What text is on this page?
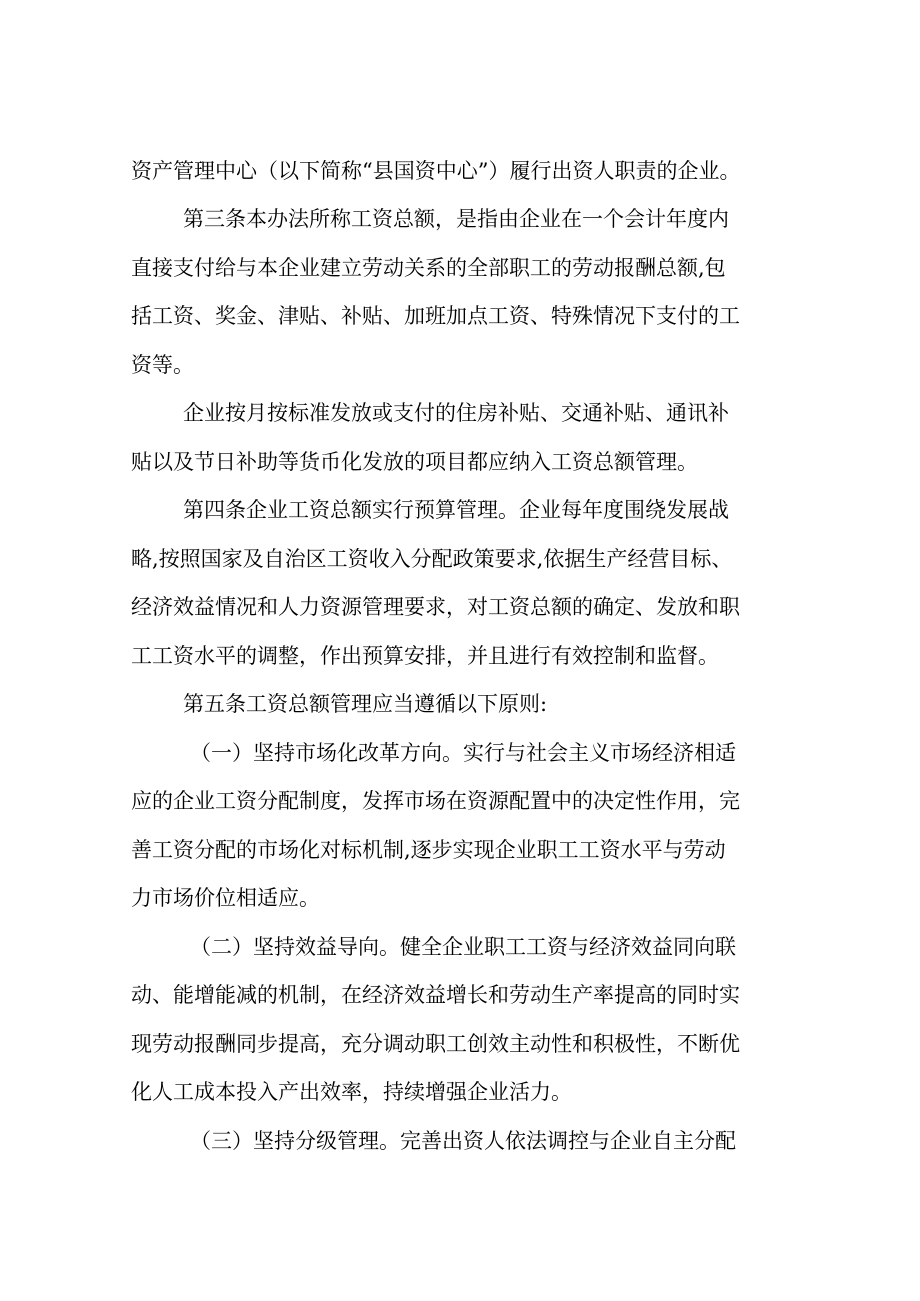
资产管理中心（以下简称“县国资中心”）履行出资人职责的企业。
第三条本办法所称工资总额，是指由企业在一个会计年度内
直接支付给与本企业建立劳动关系的全部职工的劳动报酬总额,包
括工资、奖金、津贴、补贴、加班加点工资、特殊情况下支付的工
资等。
企业按月按标准发放或支付的住房补贴、交通补贴、通讯补
贴以及节日补助等货币化发放的项目都应纳入工资总额管理。
第四条企业工资总额实行预算管理。企业每年度围绕发展战
略,按照国家及自治区工资收入分配政策要求,依据生产经营目标、
经济效益情况和人力资源管理要求，对工资总额的确定、发放和职
工工资水平的调整，作出预算安排，并且进行有效控制和监督。
第五条工资总额管理应当遵循以下原则:
（一）坚持市场化改革方向。实行与社会主义市场经济相适
应的企业工资分配制度，发挥市场在资源配置中的决定性作用，完
善工资分配的市场化对标机制,逐步实现企业职工工资水平与劳动
力市场价位相适应。
（二）坚持效益导向。健全企业职工工资与经济效益同向联
动、能增能减的机制，在经济效益增长和劳动生产率提高的同时实
现劳动报酬同步提高，充分调动职工创效主动性和积极性，不断优
化人工成本投入产出效率，持续增强企业活力。
（三）坚持分级管理。完善出资人依法调控与企业自主分配
